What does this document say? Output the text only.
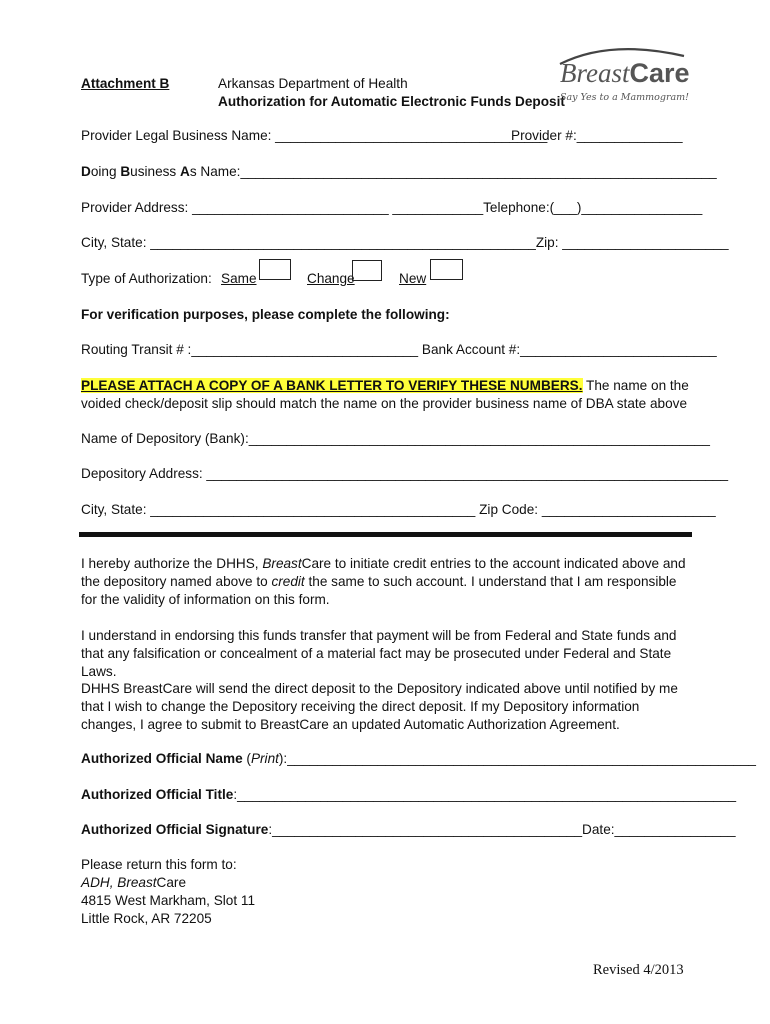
Attachment B	Arkansas Department of Health
Authorization for Automatic Electronic Funds Deposit
BreastCare
Say Yes to a Mammogram!
Provider Legal Business Name: ____________________________________
Provider #:______________
Doing Business As Name:_______________________________________________________________
Provider Address: __________________________ ____________Telephone:(___)________________
City, State: ___________________________________________________Zip: ______________________
Type of Authorization: Same	Change	New
For verification purposes, please complete the following:
Routing Transit # :______________________________ Bank Account #:__________________________
PLEASE ATTACH A COPY OF A BANK LETTER TO VERIFY THESE NUMBERS. The name on the voided check/deposit slip should match the name on the provider business name of DBA state above
Name of Depository (Bank):_____________________________________________________________
Depository Address: _____________________________________________________________________
City, State: ___________________________________________ Zip Code: _______________________
I hereby authorize the DHHS, BreastCare to initiate credit entries to the account indicated above and the depository named above to credit the same to such account. I understand that I am responsible for the validity of information on this form.
I understand in endorsing this funds transfer that payment will be from Federal and State funds and that any falsification or concealment of a material fact may be prosecuted under Federal and State Laws.
DHHS BreastCare will send the direct deposit to the Depository indicated above until notified by me that I wish to change the Depository receiving the direct deposit. If my Depository information changes, I agree to submit to BreastCare an updated Automatic Authorization Agreement.
Authorized Official Name (Print):______________________________________________________________
Authorized Official Title:__________________________________________________________________
Authorized Official Signature:_________________________________________Date:________________
Please return this form to:
ADH, BreastCare
4815 West Markham, Slot 11
Little Rock, AR 72205
Revised 4/2013
